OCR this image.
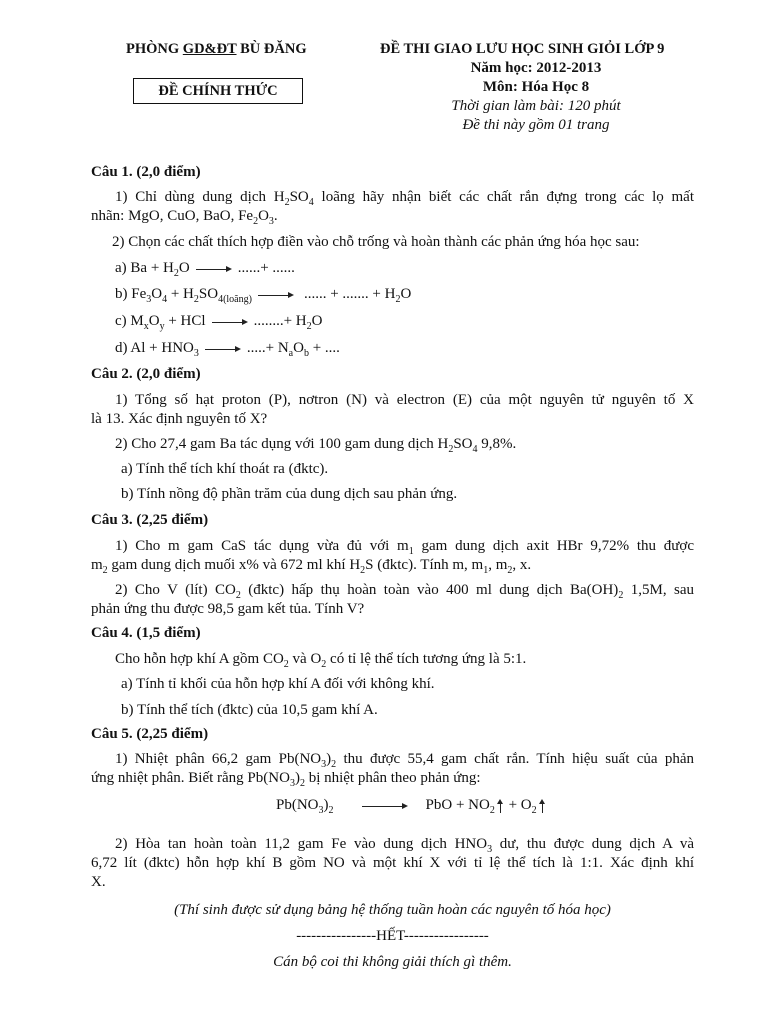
PHÒNG GD&ĐT BÙ ĐĂNG
ĐỀ CHÍNH THỨC
ĐỀ THI GIAO LƯU HỌC SINH GIỎI LỚP 9
Năm học: 2012-2013
Môn: Hóa Học 8
Thời gian làm bài: 120 phút
Đề thi này gồm 01 trang
Câu 1. (2,0 điểm)
1) Chỉ dùng dung dịch $H_2SO_4$ loãng hãy nhận biết các chất rắn đựng trong các lọ mất
nhãn: MgO, CuO, BaO, $Fe_2O_3$.
2) Chọn các chất thích hợp điền vào chỗ trống và hoàn thành các phản ứng hóa học sau:
a) $Ba + H_2O$	......+ ......
b) $Fe_3O_4 + H_2SO_{4(loãng)}$	...... + ....... + $H_2O$
c) $M_xO_y$ + HCl	........+ $H_2O$
d) $Al + HNO_3$	.....+ $N_aO_b$ + ....
Câu 2. (2,0 điểm)
1) Tổng số hạt proton (P), nơtron (N) và electron (E) của một nguyên tử nguyên tố X
là 13. Xác định nguyên tố X?
2) Cho 27,4 gam Ba tác dụng với 100 gam dung dịch $H_2SO_4$ 9,8%.
a) Tính thể tích khí thoát ra (đktc).
b) Tính nồng độ phần trăm của dung dịch sau phản ứng.
Câu 3. (2,25 điểm)
1) Cho m gam CaS tác dụng vừa đủ với $m_1$ gam dung dịch axit HBr 9,72% thu được
$m_2$ gam dung dịch muối x% và 672 ml khí $H_2S$ (đktc). Tính m, $m_1$, $m_2$, x.
2) Cho V (lít) $CO_2$ (đktc) hấp thụ hoàn toàn vào 400 ml dung dịch $Ba(OH)_2$ 1,5M, sau
phản ứng thu được 98,5 gam kết tủa. Tính V?
Câu 4. (1,5 điểm)
Cho hỗn hợp khí A gồm $CO_2$ và $O_2$ có tỉ lệ thể tích tương ứng là 5:1.
a) Tính tỉ khối của hỗn hợp khí A đối với không khí.
b) Tính thể tích (đktc) của 10,5 gam khí A.
Câu 5. (2,25 điểm)
1) Nhiệt phân 66,2 gam $Pb(NO_3)_2$ thu được 55,4 gam chất rắn. Tính hiệu suất của phản
ứng nhiệt phân. Biết rằng $Pb(NO_3)_2$ bị nhiệt phân theo phản ứng:
$Pb(NO_3)_2$	PbO + $NO_2 + O_2$
2) Hòa tan hoàn toàn 11,2 gam Fe vào dung dịch $HNO_3$ dư, thu được dung dịch A và
6,72 lít (đktc) hỗn hợp khí B gồm NO và một khí X với tỉ lệ thể tích là 1:1. Xác định khí
X.
(Thí sinh được sử dụng bảng hệ thống tuần hoàn các nguyên tố hóa học)
----------------HẾT-----------------
Cán bộ coi thi không giải thích gì thêm.
